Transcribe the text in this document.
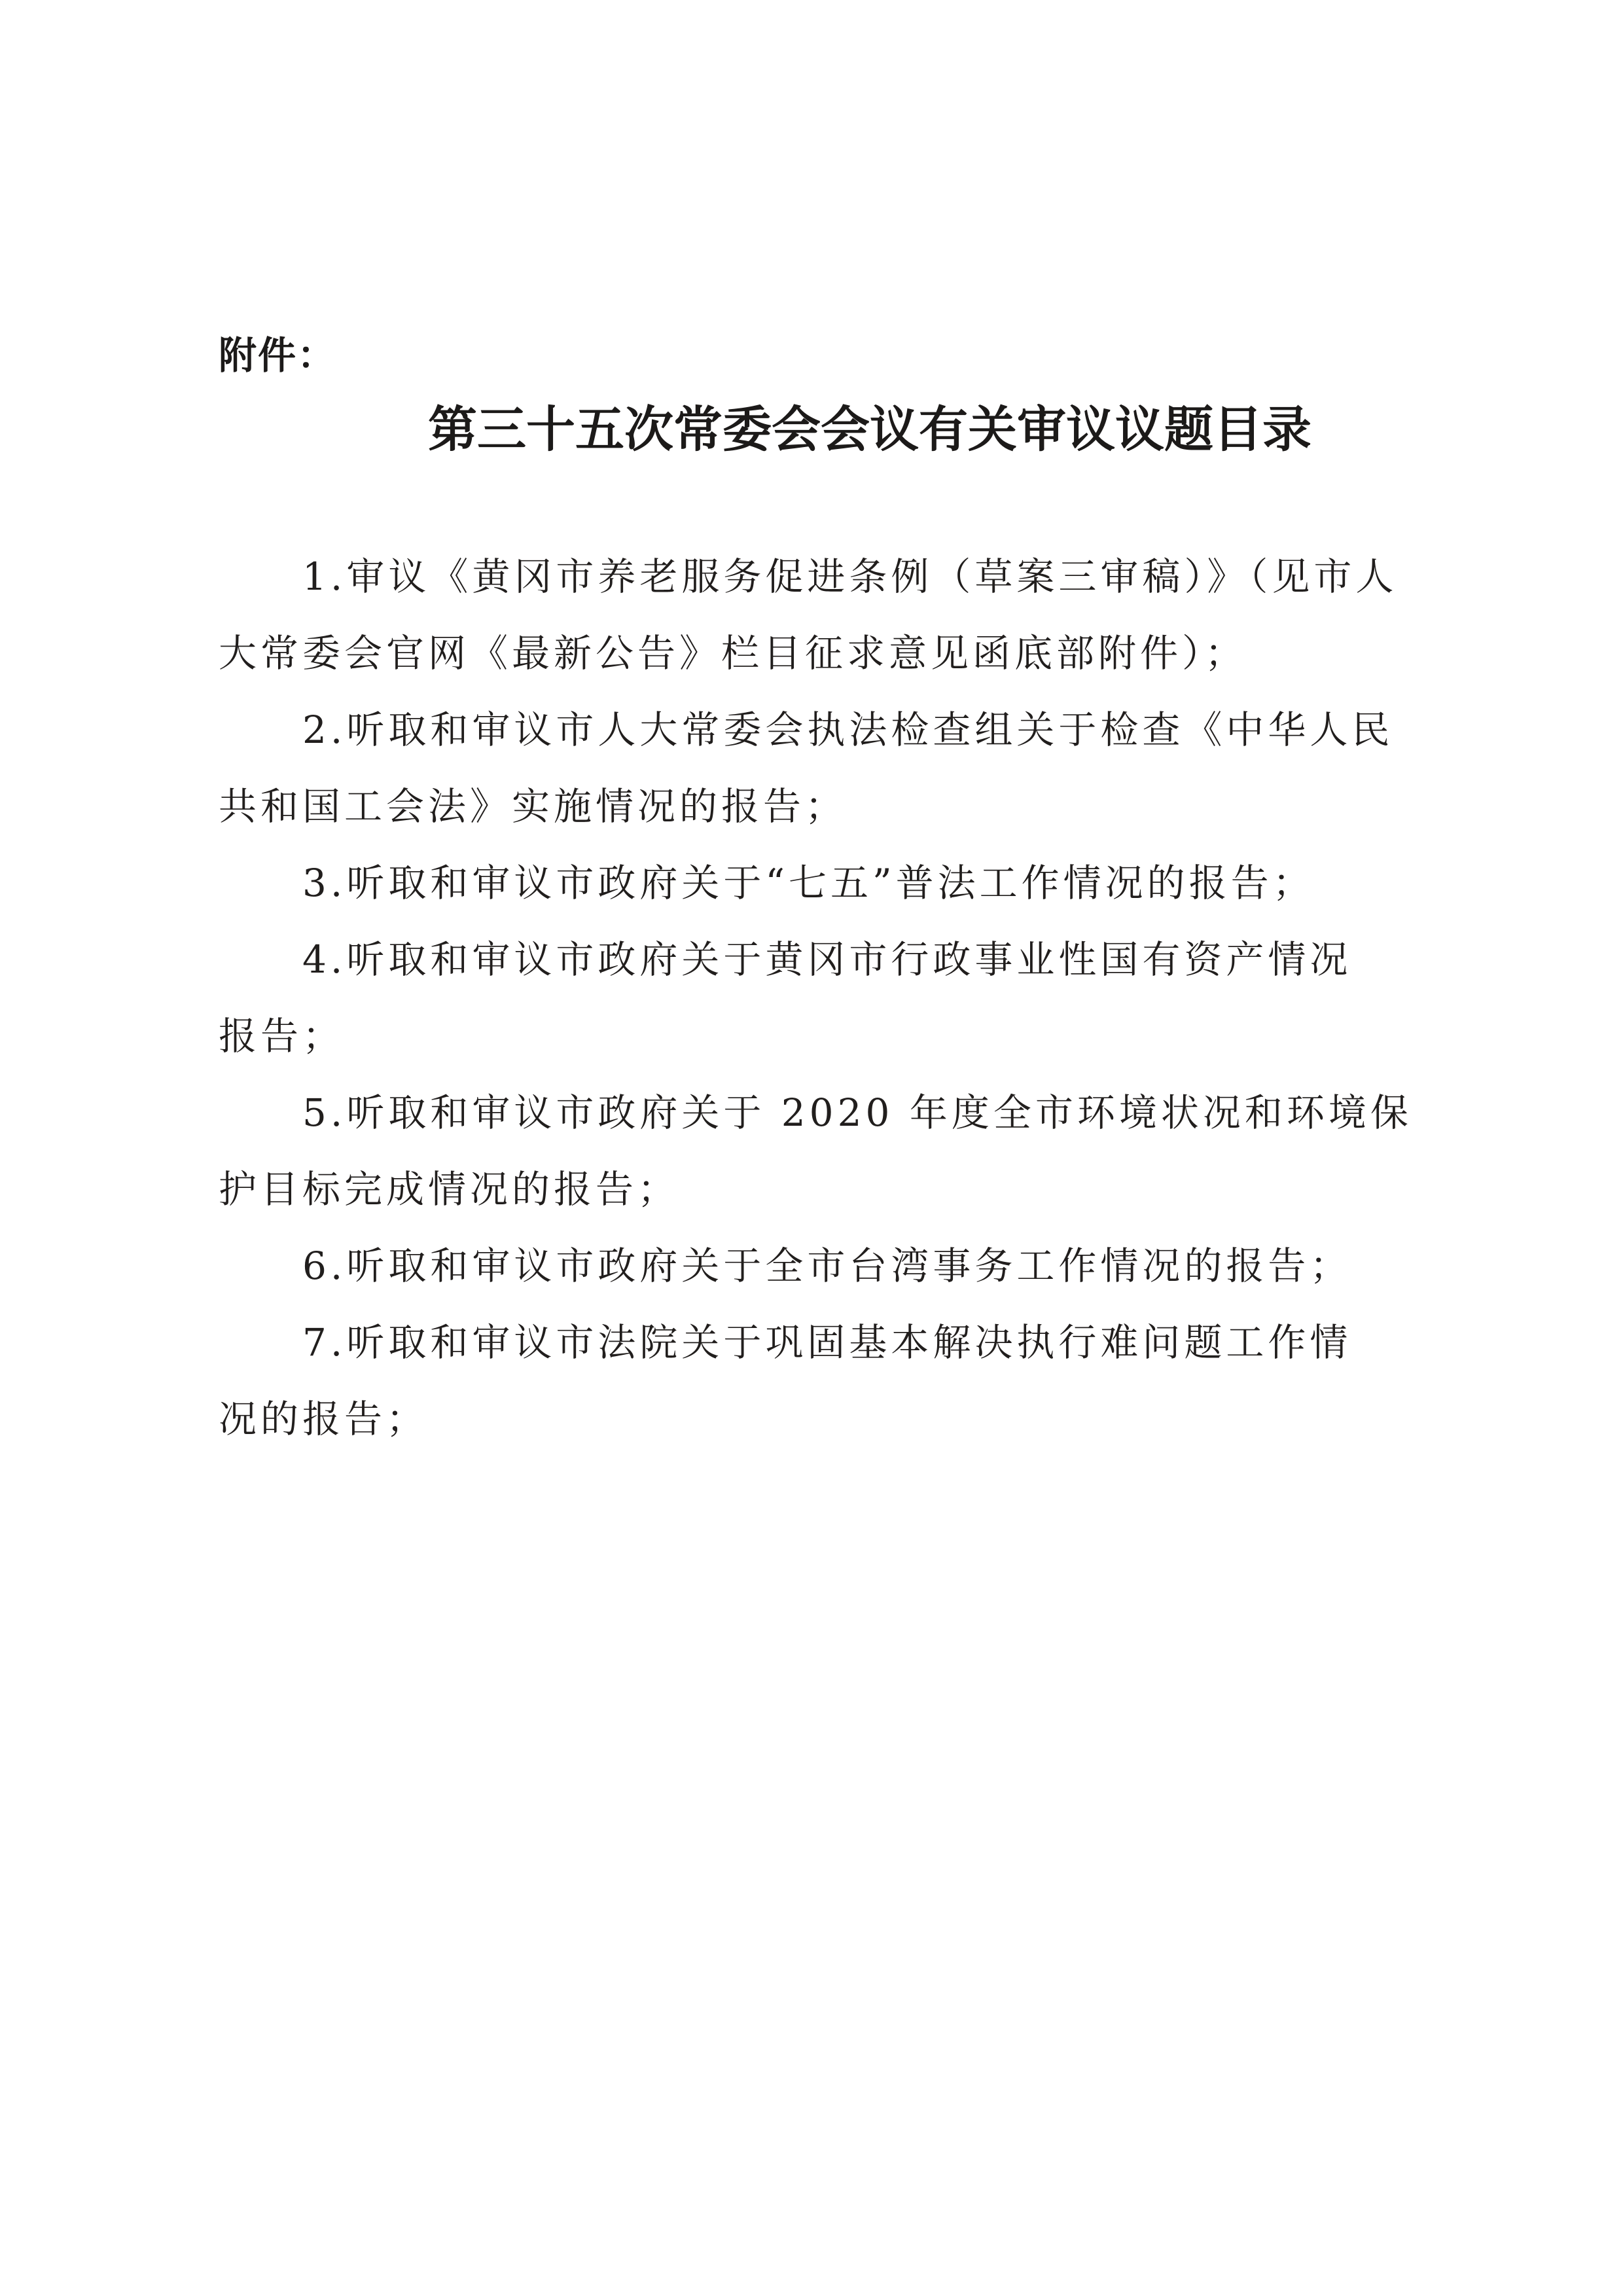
附件：
第三十五次常委会会议有关审议议题目录
1.审议《黄冈市养老服务促进条例（草案三审稿）》（见市人
大常委会官网《最新公告》栏目征求意见函底部附件）；
2.听取和审议市人大常委会执法检查组关于检查《中华人民
共和国工会法》实施情况的报告；
3.听取和审议市政府关于“七五”普法工作情况的报告；
4.听取和审议市政府关于黄冈市行政事业性国有资产情况
报告；
5.听取和审议市政府关于 2020 年度全市环境状况和环境保
护目标完成情况的报告；
6.听取和审议市政府关于全市台湾事务工作情况的报告；
7.听取和审议市法院关于巩固基本解决执行难问题工作情
况的报告；
